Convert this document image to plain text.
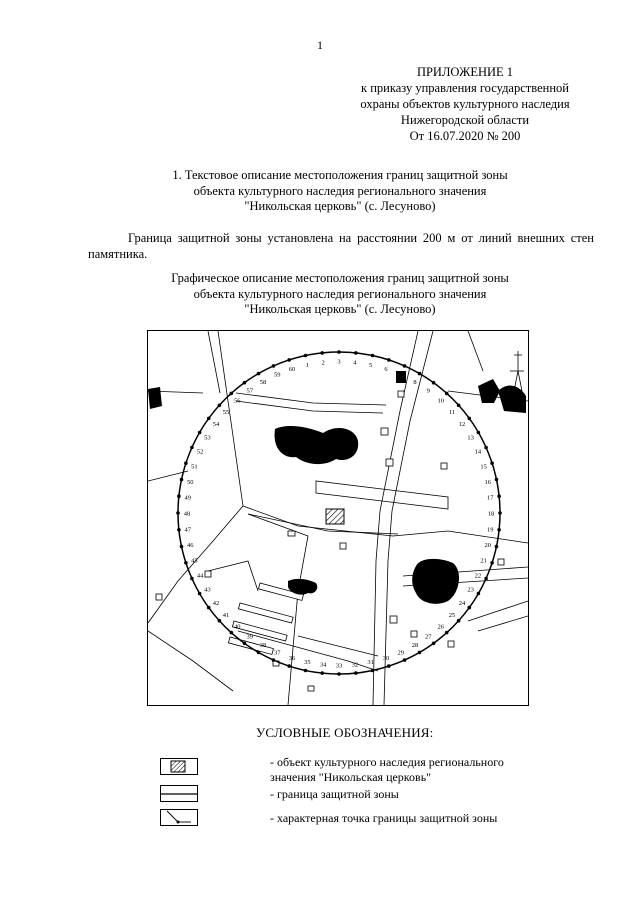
1
ПРИЛОЖЕНИЕ 1
к приказу управления государственной
охраны объектов культурного наследия
Нижегородской области
От 16.07.2020 № 200
1. Текстовое описание местоположения границ защитной зоны
объекта культурного наследия регионального значения
"Никольская церковь" (с. Лесуново)
Граница защитной зоны установлена на расстоянии 200 м от линий внешних стен памятника.
Графическое описание местоположения границ защитной зоны
объекта культурного наследия регионального значения
"Никольская церковь" (с. Лесуново)
1 2 3 4 5
6
7
8
9
10
11
12
13
14
15
16
17
18
19
20
21
22
23
24
25
26
27
28
29
30
31
32
33
34
35
36
37
38
39
40
41
42
43
44
45
46
47
48
49
50
51
52
53
54
55
56
57
58
59
60
УСЛОВНЫЕ ОБОЗНАЧЕНИЯ:
- объект культурного наследия регионального
значения "Никольская церковь"
- граница защитной зоны
- характерная точка границы защитной зоны
